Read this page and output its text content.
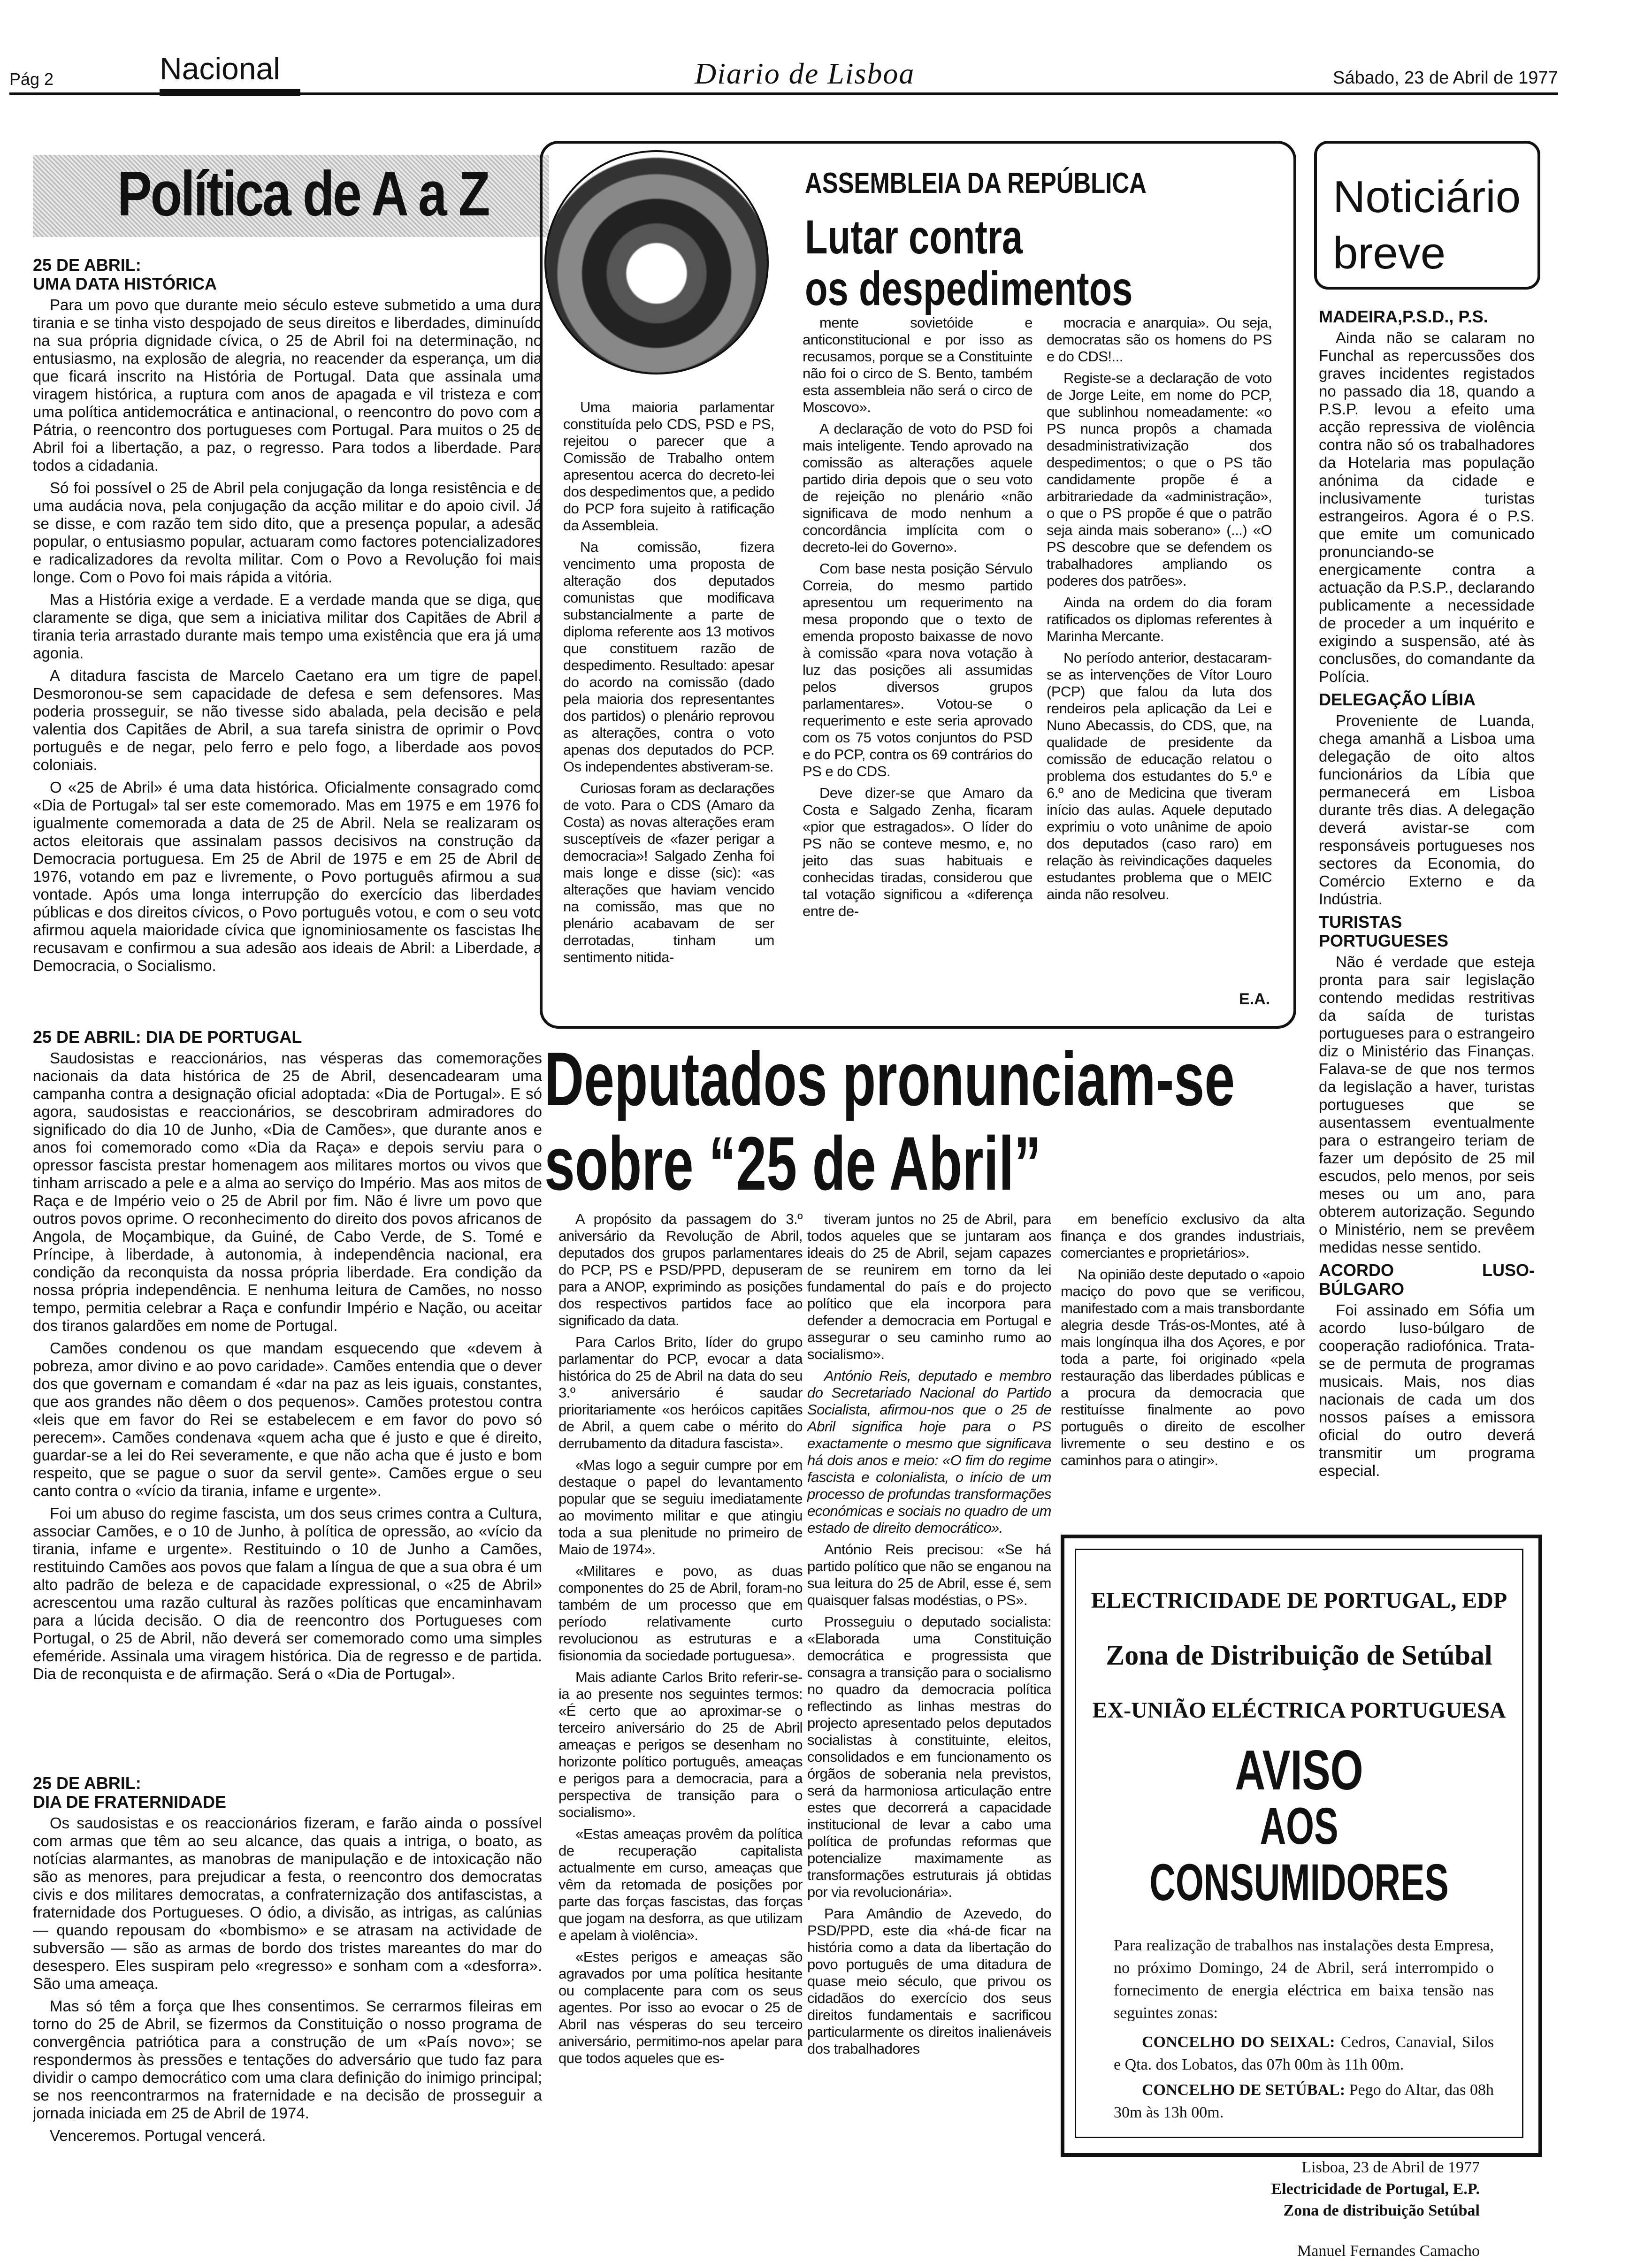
Pág 2	Nacional	Diario de Lisboa	Sábado, 23 de Abril de 1977
Política de A a Z
25 DE ABRIL:
UMA DATA HISTÓRICA

Para um povo que durante meio século esteve submetido a uma dura tirania e se tinha visto despojado de seus direitos e liberdades, diminuído na sua própria dignidade cívica, o 25 de Abril foi na determinação, no entusiasmo, na explosão de alegria, no reacender da esperança, um dia que ficará inscrito na História de Portugal. Data que assinala uma viragem histórica, a ruptura com anos de apagada e vil tristeza e com uma política antidemocrática e antinacional, o reencontro do povo com a Pátria, o reencontro dos portugueses com Portugal. Para muitos o 25 de Abril foi a libertação, a paz, o regresso. Para todos a liberdade. Para todos a cidadania.

Só foi possível o 25 de Abril pela conjugação da longa resistência e de uma audácia nova, pela conjugação da acção militar e do apoio civil. Já se disse, e com razão tem sido dito, que a presença popular, a adesão popular, o entusiasmo popular, actuaram como factores potencializadores e radicalizadores da revolta militar. Com o Povo a Revolução foi mais longe. Com o Povo foi mais rápida a vitória.

Mas a História exige a verdade. E a verdade manda que se diga, que claramente se diga, que sem a iniciativa militar dos Capitães de Abril a tirania teria arrastado durante mais tempo uma existência que era já uma agonia.

A ditadura fascista de Marcelo Caetano era um tigre de papel. Desmoronou-se sem capacidade de defesa e sem defensores. Mas poderia prosseguir, se não tivesse sido abalada, pela decisão e pela valentia dos Capitães de Abril, a sua tarefa sinistra de oprimir o Povo português e de negar, pelo ferro e pelo fogo, a liberdade aos povos coloniais.

O «25 de Abril» é uma data histórica. Oficialmente consagrado como «Dia de Portugal» tal ser este comemorado. Mas em 1975 e em 1976 foi igualmente comemorada a data de 25 de Abril. Nela se realizaram os actos eleitorais que assinalam passos decisivos na construção da Democracia portuguesa. Em 25 de Abril de 1975 e em 25 de Abril de 1976, votando em paz e livremente, o Povo português afirmou a sua vontade. Após uma longa interrupção do exercício das liberdades públicas e dos direitos cívicos, o Povo português votou, e com o seu voto afirmou aquela maioridade cívica que ignominiosamente os fascistas lhe recusavam e confirmou a sua adesão aos ideais de Abril: a Liberdade, a Democracia, o Socialismo.

25 DE ABRIL: DIA DE PORTUGAL

Saudosistas e reaccionários, nas vésperas das comemorações nacionais da data histórica de 25 de Abril, desencadearam uma campanha contra a designação oficial adoptada: «Dia de Portugal». E só agora, saudosistas e reaccionários, se descobriram admiradores do significado do dia 10 de Junho, «Dia de Camões», que durante anos e anos foi comemorado como «Dia da Raça» e depois serviu para o opressor fascista prestar homenagem aos militares mortos ou vivos que tinham arriscado a pele e a alma ao serviço do Império. Mas aos mitos de Raça e de Império veio o 25 de Abril por fim. Não é livre um povo que outros povos oprime. O reconhecimento do direito dos povos africanos de Angola, de Moçambique, da Guiné, de Cabo Verde, de S. Tomé e Príncipe, à liberdade, à autonomia, à independência nacional, era condição da reconquista da nossa própria liberdade. Era condição da nossa própria independência. E nenhuma leitura de Camões, no nosso tempo, permitia celebrar a Raça e confundir Império e Nação, ou aceitar dos tiranos galardões em nome de Portugal.

Camões condenou os que mandam esquecendo que «devem à pobreza, amor divino e ao povo caridade». Camões entendia que o dever dos que governam e comandam é «dar na paz as leis iguais, constantes, que aos grandes não dêem o dos pequenos». Camões protestou contra «leis que em favor do Rei se estabelecem e em favor do povo só perecem». Camões condenava «quem acha que é justo e que é direito, guardar-se a lei do Rei severamente, e que não acha que é justo e bom respeito, que se pague o suor da servil gente». Camões ergue o seu canto contra o «vício da tirania, infame e urgente».

Foi um abuso do regime fascista, um dos seus crimes contra a Cultura, associar Camões, e o 10 de Junho, à política de opressão, ao «vício da tirania, infame e urgente». Restituindo o 10 de Junho a Camões, restituindo Camões aos povos que falam a língua de que a sua obra é um alto padrão de beleza e de capacidade expressional, o «25 de Abril» acrescentou uma razão cultural às razões políticas que encaminhavam para a lúcida decisão. O dia de reencontro dos Portugueses com Portugal, o 25 de Abril, não deverá ser comemorado como uma simples efeméride. Assinala uma viragem histórica. Dia de regresso e de partida. Dia de reconquista e de afirmação. Será o «Dia de Portugal».

25 DE ABRIL:
DIA DE FRATERNIDADE

Os saudosistas e os reaccionários fizeram, e farão ainda o possível com armas que têm ao seu alcance, das quais a intriga, o boato, as notícias alarmantes, as manobras de manipulação e de intoxicação não são as menores, para prejudicar a festa, o reencontro dos democratas civis e dos militares democratas, a confraternização dos antifascistas, a fraternidade dos Portugueses. O ódio, a divisão, as intrigas, as calúnias — quando repousam do «bombismo» e se atrasam na actividade de subversão — são as armas de bordo dos tristes mareantes do mar do desespero. Eles suspiram pelo «regresso» e sonham com a «desforra». São uma ameaça.

Mas só têm a força que lhes consentimos. Se cerrarmos fileiras em torno do 25 de Abril, se fizermos da Constituição o nosso programa de convergência patriótica para a construção de um «País novo»; se respondermos às pressões e tentações do adversário que tudo faz para dividir o campo democrático com uma clara definição do inimigo principal; se nos reencontrarmos na fraternidade e na decisão de prosseguir a jornada iniciada em 25 de Abril de 1974.

Venceremos. Portugal vencerá.

ASSEMBLEIA DA REPÚBLICA
Lutar contra
os despedimentos

Uma maioria parlamentar constituída pelo CDS, PSD e PS, rejeitou o parecer que a Comissão de Trabalho ontem apresentou acerca do decreto-lei dos despedimentos que, a pedido do PCP fora sujeito à ratificação da Assembleia.

Na comissão, fizera vencimento uma proposta de alteração dos deputados comunistas que modificava substancialmente a parte de diploma referente aos 13 motivos que constituem razão de despedimento. Resultado: apesar do acordo na comissão (dado pela maioria dos representantes dos partidos) o plenário reprovou as alterações, contra o voto apenas dos deputados do PCP. Os independentes abstiveram-se.

Curiosas foram as declarações de voto. Para o CDS (Amaro da Costa) as novas alterações eram susceptíveis de «fazer perigar a democracia»! Salgado Zenha foi mais longe e disse (sic): «as alterações que haviam vencido na comissão, mas que no plenário acabavam de ser derrotadas, tinham um sentimento nitida-

mente sovietóide e anticonstitucional e por isso as recusamos, porque se a Constituinte não foi o circo de S. Bento, também esta assembleia não será o circo de Moscovo».

A declaração de voto do PSD foi mais inteligente. Tendo aprovado na comissão as alterações aquele partido diria depois que o seu voto de rejeição no plenário «não significava de modo nenhum a concordância implícita com o decreto-lei do Governo».

Com base nesta posição Sérvulo Correia, do mesmo partido apresentou um requerimento na mesa propondo que o texto de emenda proposto baixasse de novo à comissão «para nova votação à luz das posições ali assumidas pelos diversos grupos parlamentares». Votou-se o requerimento e este seria aprovado com os 75 votos conjuntos do PSD e do PCP, contra os 69 contrários do PS e do CDS.

Deve dizer-se que Amaro da Costa e Salgado Zenha, ficaram «pior que estragados». O líder do PS não se conteve mesmo, e, no jeito das suas habituais e conhecidas tiradas, considerou que tal votação significou a «diferença entre de-

mocracia e anarquia». Ou seja, democratas são os homens do PS e do CDS!...

Registe-se a declaração de voto de Jorge Leite, em nome do PCP, que sublinhou nomeadamente: «o PS nunca propôs a chamada desadministrativização dos despedimentos; o que o PS tão candidamente propõe é a arbitrariedade da «administração», o que o PS propõe é que o patrão seja ainda mais soberano» (...) «O PS descobre que se defendem os trabalhadores ampliando os poderes dos patrões».

Ainda na ordem do dia foram ratificados os diplomas referentes à Marinha Mercante.

No período anterior, destacaram-se as intervenções de Vítor Louro (PCP) que falou da luta dos rendeiros pela aplicação da Lei e Nuno Abecassis, do CDS, que, na qualidade de presidente da comissão de educação relatou o problema dos estudantes do 5.º e 6.º ano de Medicina que tiveram início das aulas. Aquele deputado exprimiu o voto unânime de apoio dos deputados (caso raro) em relação às reivindicações daqueles estudantes problema que o MEIC ainda não resolveu.

E.A.
Noticiário
breve
MADEIRA,P.S.D., P.S.

Ainda não se calaram no Funchal as repercussões dos graves incidentes registados no passado dia 18, quando a P.S.P. levou a efeito uma acção repressiva de violência contra não só os trabalhadores da Hotelaria mas população anónima da cidade e inclusivamente turistas estrangeiros. Agora é o P.S. que emite um comunicado pronunciando-se energicamente contra a actuação da P.S.P., declarando publicamente a necessidade de proceder a um inquérito e exigindo a suspensão, até às conclusões, do comandante da Polícia.

DELEGAÇÃO LÍBIA

Proveniente de Luanda, chega amanhã a Lisboa uma delegação de oito altos funcionários da Líbia que permanecerá em Lisboa durante três dias. A delegação deverá avistar-se com responsáveis portugueses nos sectores da Economia, do Comércio Externo e da Indústria.

TURISTAS PORTUGUESES

Não é verdade que esteja pronta para sair legislação contendo medidas restritivas da saída de turistas portugueses para o estrangeiro diz o Ministério das Finanças. Falava-se de que nos termos da legislação a haver, turistas portugueses que se ausentassem eventualmente para o estrangeiro teriam de fazer um depósito de 25 mil escudos, pelo menos, por seis meses ou um ano, para obterem autorização. Segundo o Ministério, nem se prevêem medidas nesse sentido.

ACORDO LUSO-BÚLGARO

Foi assinado em Sófia um acordo luso-búlgaro de cooperação radiofónica. Trata-se de permuta de programas musicais. Mais, nos dias nacionais de cada um dos nossos países a emissora oficial do outro deverá transmitir um programa especial.

Deputados pronunciam-se
sobre “25 de Abril”

A propósito da passagem do 3.º aniversário da Revolução de Abril, deputados dos grupos parlamentares do PCP, PS e PSD/PPD, depuseram para a ANOP, exprimindo as posições dos respectivos partidos face ao significado da data.

Para Carlos Brito, líder do grupo parlamentar do PCP, evocar a data histórica do 25 de Abril na data do seu 3.º aniversário é saudar prioritariamente «os heróicos capitães de Abril, a quem cabe o mérito do derrubamento da ditadura fascista».

«Mas logo a seguir cumpre por em destaque o papel do levantamento popular que se seguiu imediatamente ao movimento militar e que atingiu toda a sua plenitude no primeiro de Maio de 1974».

«Militares e povo, as duas componentes do 25 de Abril, foram-no também de um processo que em período relativamente curto revolucionou as estruturas e a fisionomia da sociedade portuguesa».

Mais adiante Carlos Brito referir-se-ia ao presente nos seguintes termos: «É certo que ao aproximar-se o terceiro aniversário do 25 de Abril ameaças e perigos se desenham no horizonte político português, ameaças e perigos para a democracia, para a perspectiva de transição para o socialismo».

«Estas ameaças provêm da política de recuperação capitalista actualmente em curso, ameaças que vêm da retomada de posições por parte das forças fascistas, das forças que jogam na desforra, as que utilizam e apelam à violência».

«Estes perigos e ameaças são agravados por uma política hesitante ou complacente para com os seus agentes. Por isso ao evocar o 25 de Abril nas vésperas do seu terceiro aniversário, permitimo-nos apelar para que todos aqueles que es-

tiveram juntos no 25 de Abril, para todos aqueles que se juntaram aos ideais do 25 de Abril, sejam capazes de se reunirem em torno da lei fundamental do país e do projecto político que ela incorpora para defender a democracia em Portugal e assegurar o seu caminho rumo ao socialismo».

António Reis, deputado e membro do Secretariado Nacional do Partido Socialista, afirmou-nos que o 25 de Abril significa hoje para o PS exactamente o mesmo que significava há dois anos e meio: «O fim do regime fascista e colonialista, o início de um processo de profundas transformações económicas e sociais no quadro de um estado de direito democrático».

António Reis precisou: «Se há partido político que não se enganou na sua leitura do 25 de Abril, esse é, sem quaisquer falsas modéstias, o PS».

Prosseguiu o deputado socialista: «Elaborada uma Constituição democrática e progressista que consagra a transição para o socialismo no quadro da democracia política reflectindo as linhas mestras do projecto apresentado pelos deputados socialistas à constituinte, eleitos, consolidados e em funcionamento os órgãos de soberania nela previstos, será da harmoniosa articulação entre estes que decorrerá a capacidade institucional de levar a cabo uma política de profundas reformas que potencialize maximamente as transformações estruturais já obtidas por via revolucionária».

Para Amândio de Azevedo, do PSD/PPD, este dia «há-de ficar na história como a data da libertação do povo português de uma ditadura de quase meio século, que privou os cidadãos do exercício dos seus direitos fundamentais e sacrificou particularmente os direitos inalienáveis dos trabalhadores

em benefício exclusivo da alta finança e dos grandes industriais, comerciantes e proprietários».

Na opinião deste deputado o «apoio maciço do povo que se verificou, manifestado com a mais transbordante alegria desde Trás-os-Montes, até à mais longínqua ilha dos Açores, e por toda a parte, foi originado «pela restauração das liberdades públicas e a procura da democracia que restituísse finalmente ao povo português o direito de escolher livremente o seu destino e os caminhos para o atingir».

ELECTRICIDADE DE PORTUGAL, EDP
Zona de Distribuição de Setúbal
EX-UNIÃO ELÉCTRICA PORTUGUESA
AVISO
AOS CONSUMIDORES
Para realização de trabalhos nas instalações desta Empresa, no próximo Domingo, 24 de Abril, será interrompido o fornecimento de energia eléctrica em baixa tensão nas seguintes zonas:
CONCELHO DO SEIXAL: Cedros, Canavial, Silos e Qta. dos Lobatos, das 07h 00m às 11h 00m.
CONCELHO DE SETÚBAL: Pego do Altar, das 08h 30m às 13h 00m.
Lisboa, 23 de Abril de 1977
Electricidade de Portugal, E.P.
Zona de distribuição Setúbal
Manuel Fernandes Camacho
